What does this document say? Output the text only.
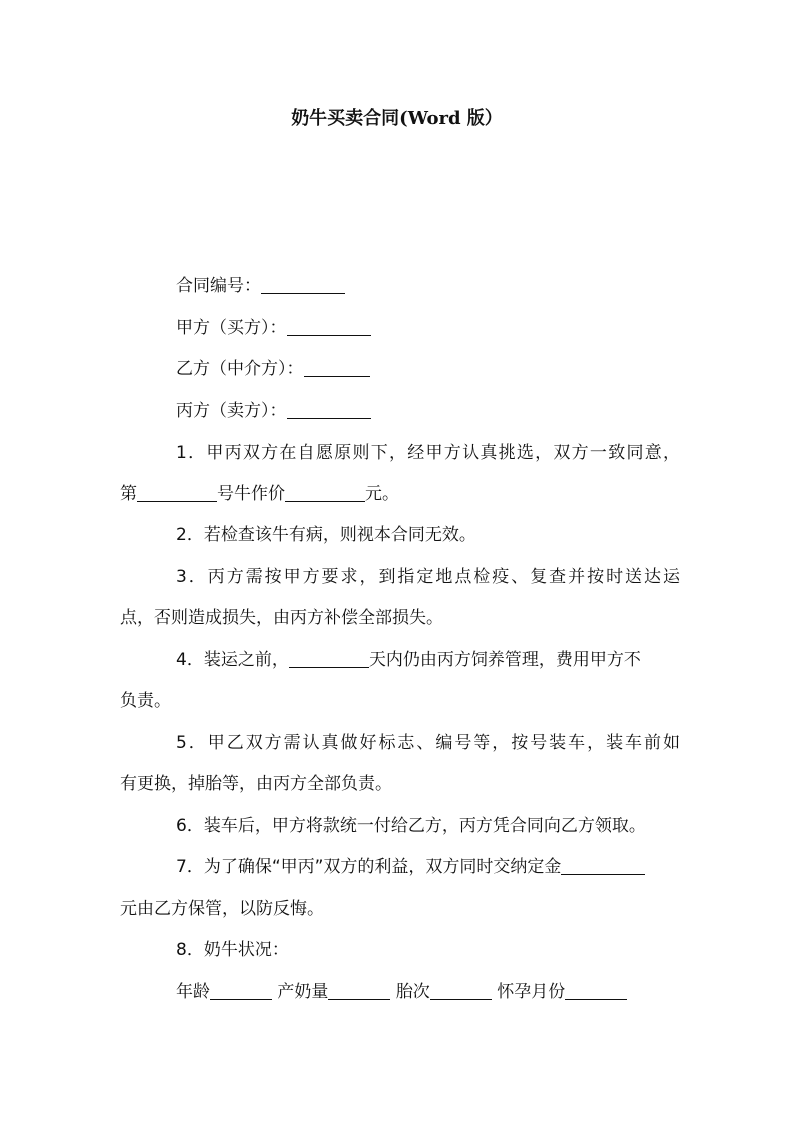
奶牛买卖合同(Word 版）
合同编号：
甲方（买方）：
乙方（中介方）：
丙方（卖方）：
1．甲丙双方在自愿原则下，经甲方认真挑选，双方一致同意，
第	号牛作价	元。
2．若检查该牛有病，则视本合同无效。
3．丙方需按甲方要求，到指定地点检疫、复查并按时送达运
点，否则造成损失，由丙方补偿全部损失。
4．装运之前，	天内仍由丙方饲养管理，费用甲方不
负责。
5．甲乙双方需认真做好标志、编号等，按号装车，装车前如
有更换，掉胎等，由丙方全部负责。
6．装车后，甲方将款统一付给乙方，丙方凭合同向乙方领取。
7．为了确保“甲丙”双方的利益，双方同时交纳定金
元由乙方保管，以防反悔。
8．奶牛状况：
年龄	产奶量	胎次	怀孕月份
